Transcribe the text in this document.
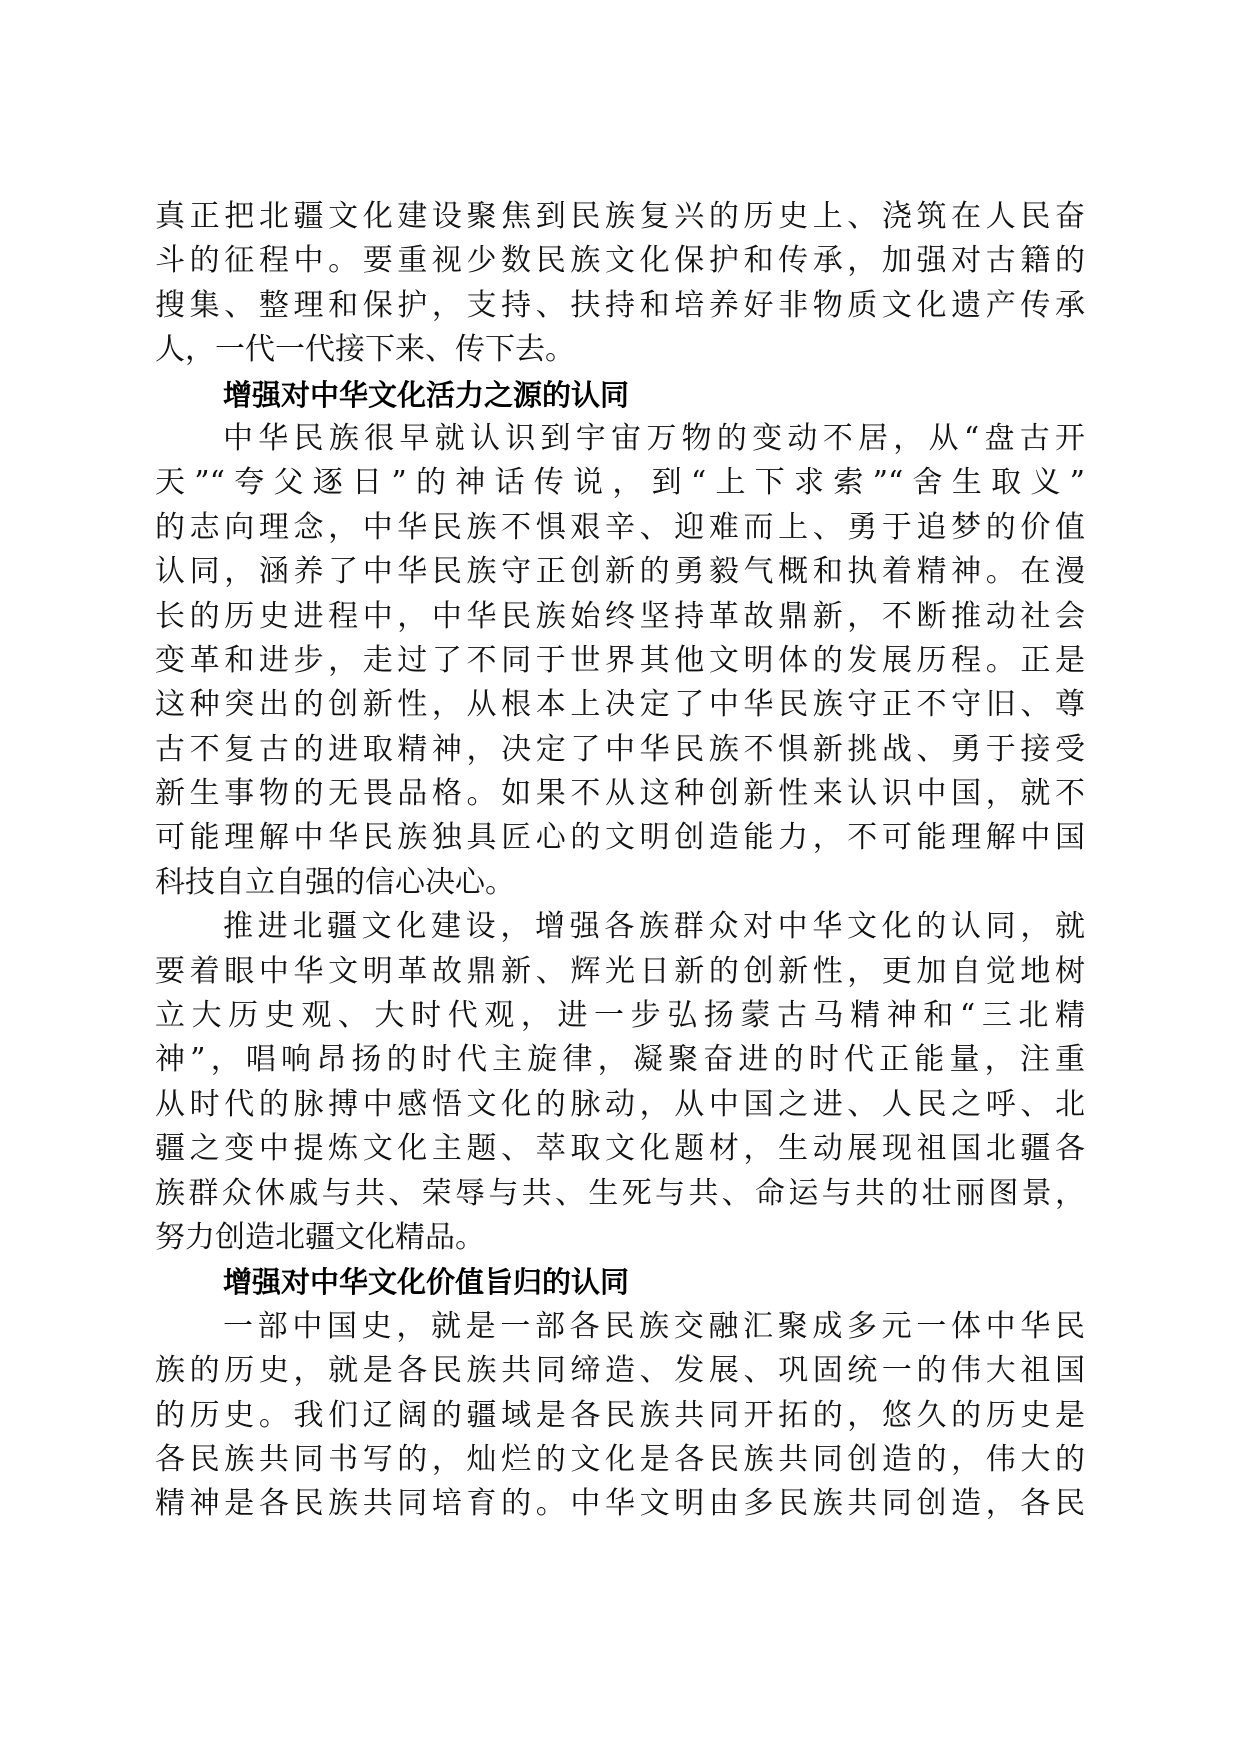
真正把北疆文化建设聚焦到民族复兴的历史上、浇筑在人民奋
斗的征程中。要重视少数民族文化保护和传承，加强对古籍的
搜集、整理和保护，支持、扶持和培养好非物质文化遗产传承
人，一代一代接下来、传下去。
增强对中华文化活力之源的认同
中华民族很早就认识到宇宙万物的变动不居，从“盘古开
天”“夸父逐日”的神话传说，到“上下求索”“舍生取义”
的志向理念，中华民族不惧艰辛、迎难而上、勇于追梦的价值
认同，涵养了中华民族守正创新的勇毅气概和执着精神。在漫
长的历史进程中，中华民族始终坚持革故鼎新，不断推动社会
变革和进步，走过了不同于世界其他文明体的发展历程。正是
这种突出的创新性，从根本上决定了中华民族守正不守旧、尊
古不复古的进取精神，决定了中华民族不惧新挑战、勇于接受
新生事物的无畏品格。如果不从这种创新性来认识中国，就不
可能理解中华民族独具匠心的文明创造能力，不可能理解中国
科技自立自强的信心决心。
推进北疆文化建设，增强各族群众对中华文化的认同，就
要着眼中华文明革故鼎新、辉光日新的创新性，更加自觉地树
立大历史观、大时代观，进一步弘扬蒙古马精神和“三北精
神”，唱响昂扬的时代主旋律，凝聚奋进的时代正能量，注重
从时代的脉搏中感悟文化的脉动，从中国之进、人民之呼、北
疆之变中提炼文化主题、萃取文化题材，生动展现祖国北疆各
族群众休戚与共、荣辱与共、生死与共、命运与共的壮丽图景，
努力创造北疆文化精品。
增强对中华文化价值旨归的认同
一部中国史，就是一部各民族交融汇聚成多元一体中华民
族的历史，就是各民族共同缔造、发展、巩固统一的伟大祖国
的历史。我们辽阔的疆域是各民族共同开拓的，悠久的历史是
各民族共同书写的，灿烂的文化是各民族共同创造的，伟大的
精神是各民族共同培育的。中华文明由多民族共同创造，各民
